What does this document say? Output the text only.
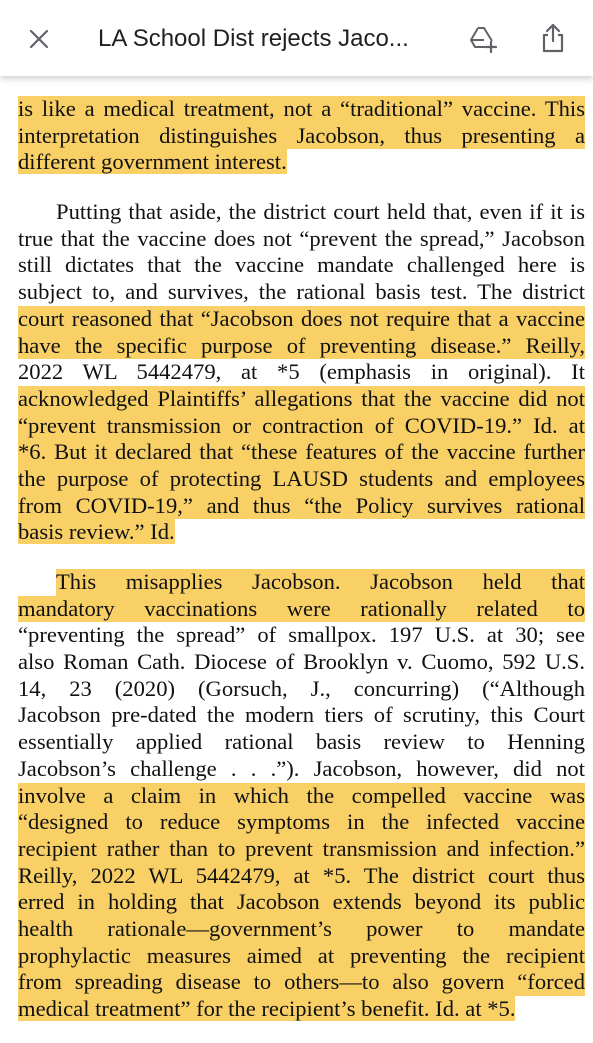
LA School Dist rejects Jaco...
is like a medical treatment, not a “traditional” vaccine. This
interpretation distinguishes Jacobson, thus presenting a
different government interest.
Putting that aside, the district court held that, even if it is
true that the vaccine does not “prevent the spread,” Jacobson
still dictates that the vaccine mandate challenged here is
subject to, and survives, the rational basis test. The district
court reasoned that “Jacobson does not require that a vaccine
have the specific purpose of preventing disease.” Reilly,
2022 WL 5442479, at *5 (emphasis in original). It
acknowledged Plaintiffs’ allegations that the vaccine did not
“prevent transmission or contraction of COVID-19.” Id. at
*6. But it declared that “these features of the vaccine further
the purpose of protecting LAUSD students and employees
from COVID-19,” and thus “the Policy survives rational
basis review.” Id.
This misapplies Jacobson. Jacobson held that
mandatory vaccinations were rationally related to
“preventing the spread” of smallpox. 197 U.S. at 30; see
also Roman Cath. Diocese of Brooklyn v. Cuomo, 592 U.S.
14, 23 (2020) (Gorsuch, J., concurring) (“Although
Jacobson pre-dated the modern tiers of scrutiny, this Court
essentially applied rational basis review to Henning
Jacobson’s challenge . . .”). Jacobson, however, did not
involve a claim in which the compelled vaccine was
“designed to reduce symptoms in the infected vaccine
recipient rather than to prevent transmission and infection.”
Reilly, 2022 WL 5442479, at *5. The district court thus
erred in holding that Jacobson extends beyond its public
health rationale—government’s power to mandate
prophylactic measures aimed at preventing the recipient
from spreading disease to others—to also govern “forced
medical treatment” for the recipient’s benefit. Id. at *5.
